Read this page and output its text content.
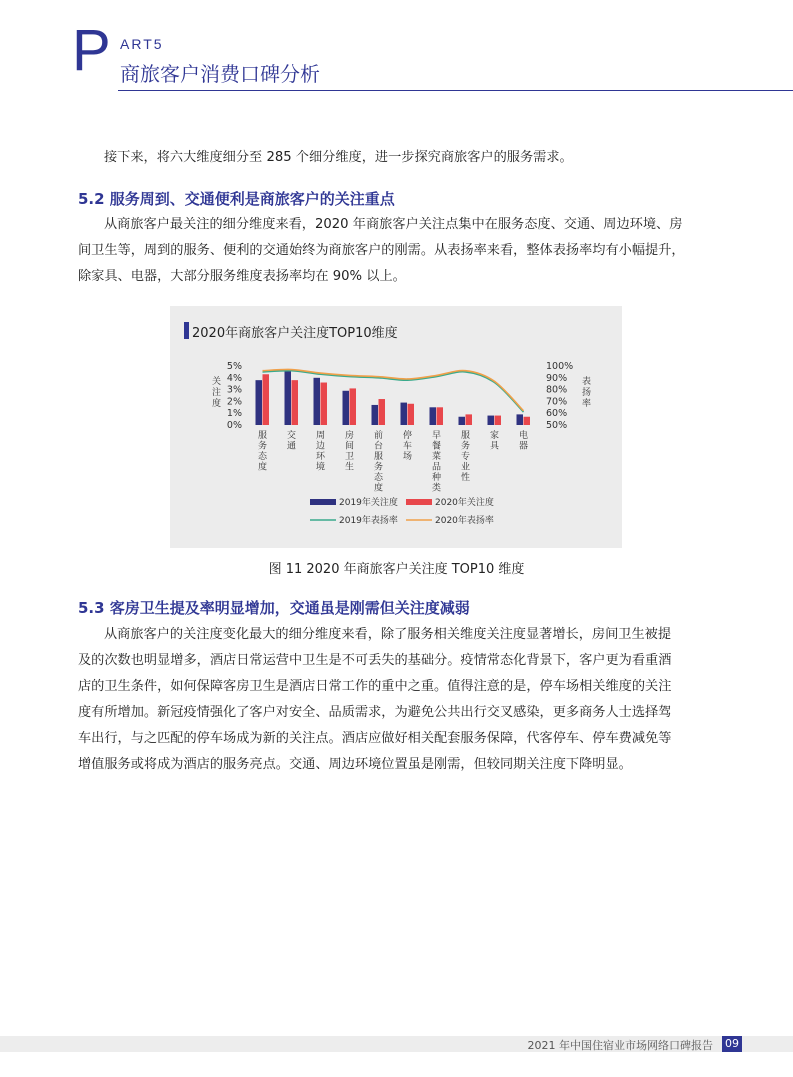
P ART5
商旅客户消费口碑分析
接下来，将六大维度细分至 285 个细分维度，进一步探究商旅客户的服务需求。
5.2 服务周到、交通便利是商旅客户的关注重点
从商旅客户最关注的细分维度来看，2020 年商旅客户关注点集中在服务态度、交通、周边环境、房
间卫生等，周到的服务、便利的交通始终为商旅客户的刚需。从表扬率来看，整体表扬率均有小幅提升，
除家具、电器，大部分服务维度表扬率均在 90% 以上。
2020年商旅客户关注度TOP10维度
关注度
表扬率
0%
1%
2%
3%
4%
5%
50%
60%
70%
80%
90%
100%
服务态度
交通
周边环境
房间卫生
前台服务态度
停车场
早餐菜品种类
服务专业性
家具
电器
2019年关注度	2020年关注度
2019年表扬率	2020年表扬率
图 11 2020 年商旅客户关注度 TOP10 维度
5.3 客房卫生提及率明显增加，交通虽是刚需但关注度减弱
从商旅客户的关注度变化最大的细分维度来看，除了服务相关维度关注度显著增长，房间卫生被提
及的次数也明显增多，酒店日常运营中卫生是不可丢失的基础分。疫情常态化背景下，客户更为看重酒
店的卫生条件，如何保障客房卫生是酒店日常工作的重中之重。值得注意的是，停车场相关维度的关注
度有所增加。新冠疫情强化了客户对安全、品质需求，为避免公共出行交叉感染，更多商务人士选择驾
车出行，与之匹配的停车场成为新的关注点。酒店应做好相关配套服务保障，代客停车、停车费减免等
增值服务或将成为酒店的服务亮点。交通、周边环境位置虽是刚需，但较同期关注度下降明显。
2021 年中国住宿业市场网络口碑报告 09
